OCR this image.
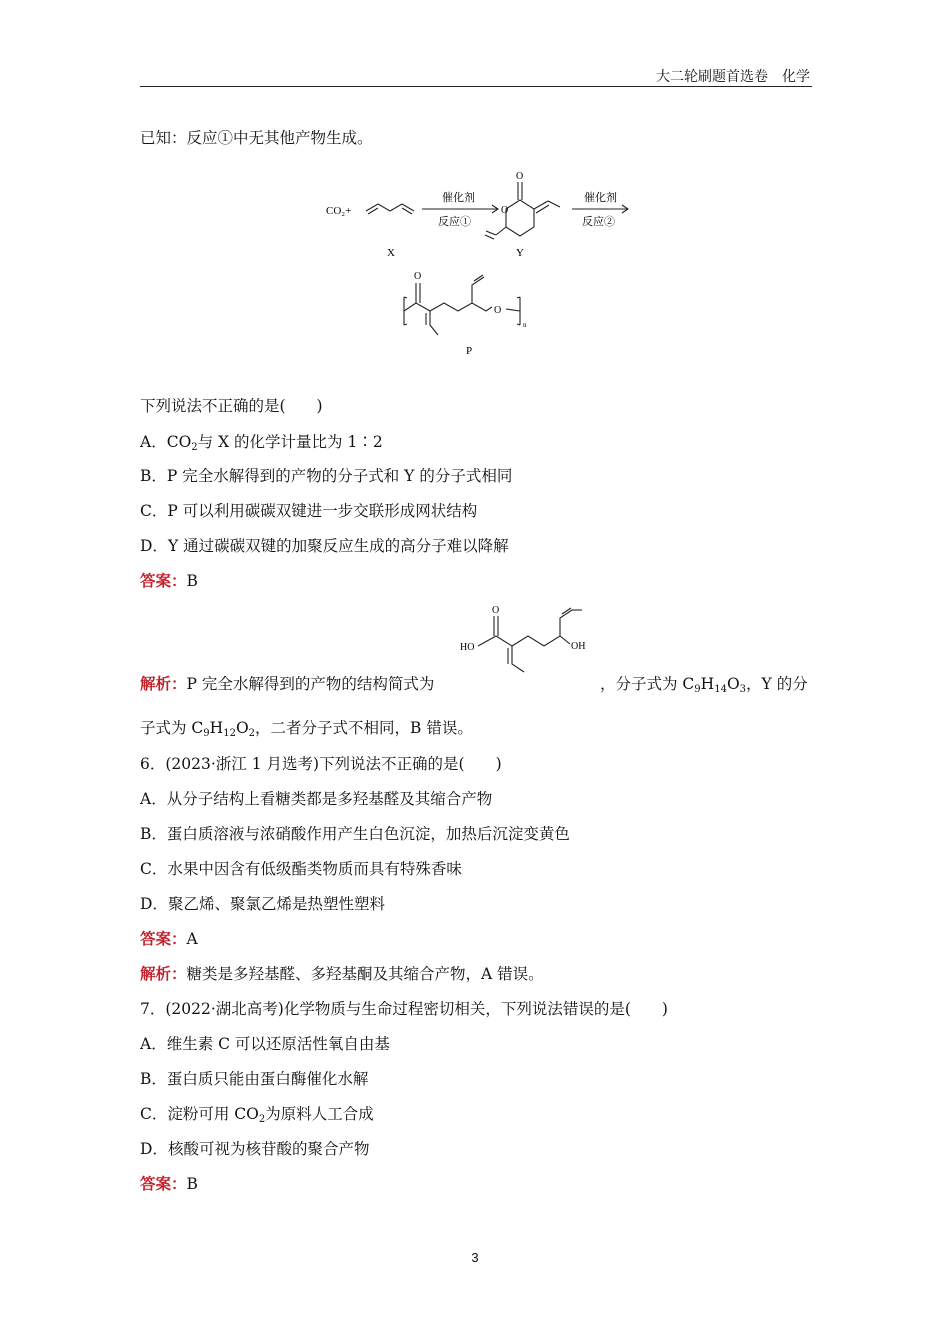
大二轮刷题首选卷　化学
已知：反应①中无其他产物生成。
CO₂+
催化剂
反应①
催化剂
反应②
X	Y
O
O
O
O
n
P
下列说法不正确的是(　　)
A．$CO_2$与 X 的化学计量比为 1∶2
B．P 完全水解得到的产物的分子式和 Y 的分子式相同
C．P 可以利用碳碳双键进一步交联形成网状结构
D．Y 通过碳碳双键的加聚反应生成的高分子难以降解
答案：B
HO
O
OH
解析：P 完全水解得到的产物的结构简式为	，分子式为 $C_9H_{14}O_3$，Y 的分
子式为 $C_9H_{12}O_2$，二者分子式不相同，B 错误。
6．(2023·浙江 1 月选考)下列说法不正确的是(　　)
A．从分子结构上看糖类都是多羟基醛及其缩合产物
B．蛋白质溶液与浓硝酸作用产生白色沉淀，加热后沉淀变黄色
C．水果中因含有低级酯类物质而具有特殊香味
D．聚乙烯、聚氯乙烯是热塑性塑料
答案：A
解析：糖类是多羟基醛、多羟基酮及其缩合产物，A 错误。
7．(2022·湖北高考)化学物质与生命过程密切相关，下列说法错误的是(　　)
A．维生素 C 可以还原活性氧自由基
B．蛋白质只能由蛋白酶催化水解
C．淀粉可用 $CO_2$为原料人工合成
D．核酸可视为核苷酸的聚合产物
答案：B
3
